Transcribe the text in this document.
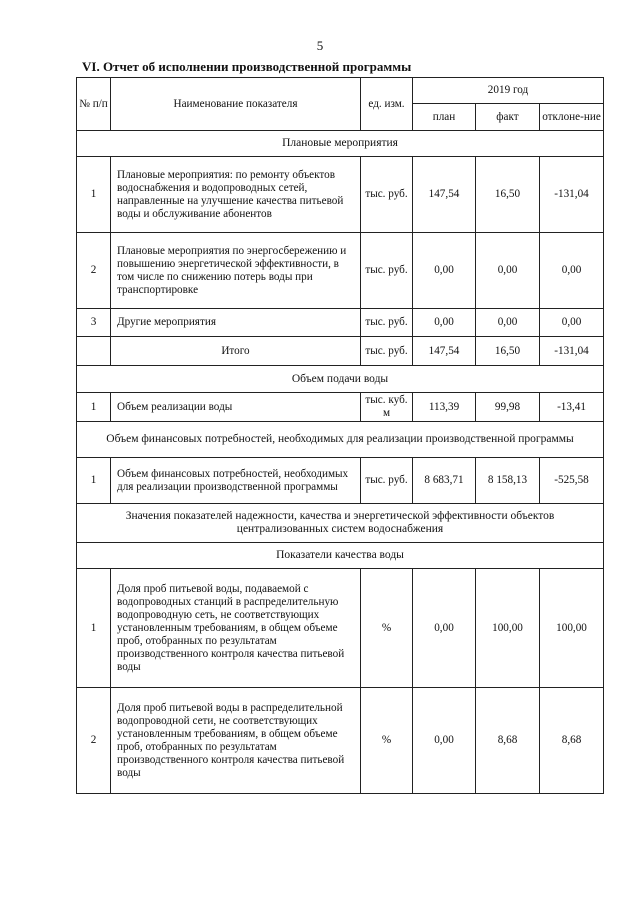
5
VI. Отчет об исполнении производственной программы
№ п/п	Наименование показателя	ед. изм.	2019 год		
			план	факт	отклоне-ние
Плановые мероприятия					
1	Плановые мероприятия: по ремонту объектов водоснабжения и водопроводных сетей, направленные на улучшение качества питьевой воды и обслуживание абонентов	тыс. руб.	147,54	16,50	-131,04
2	Плановые мероприятия по энергосбережению и повышению энергетической эффективности, в том числе по снижению потерь воды при транспортировке	тыс. руб.	0,00	0,00	0,00
3	Другие мероприятия	тыс. руб.	0,00	0,00	0,00
	Итого	тыс. руб.	147,54	16,50	-131,04
Объем подачи воды					
1	Объем реализации воды	тыс. куб. м	113,39	99,98	-13,41
Объем финансовых потребностей, необходимых для реализации производственной программы					
1	Объем финансовых потребностей, необходимых для реализации производственной программы	тыс. руб.	8 683,71	8 158,13	-525,58
Значения показателей надежности, качества и энергетической эффективности объектов централизованных систем водоснабжения					
Показатели качества воды					
1	Доля проб питьевой воды, подаваемой с водопроводных станций в распределительную водопроводную сеть, не соответствующих установленным требованиям, в общем объеме проб, отобранных по результатам производственного контроля качества питьевой воды	%	0,00	100,00	100,00
2	Доля проб питьевой воды в распределительной водопроводной сети, не соответствующих установленным требованиям, в общем объеме проб, отобранных по результатам производственного контроля качества питьевой воды	%	0,00	8,68	8,68
